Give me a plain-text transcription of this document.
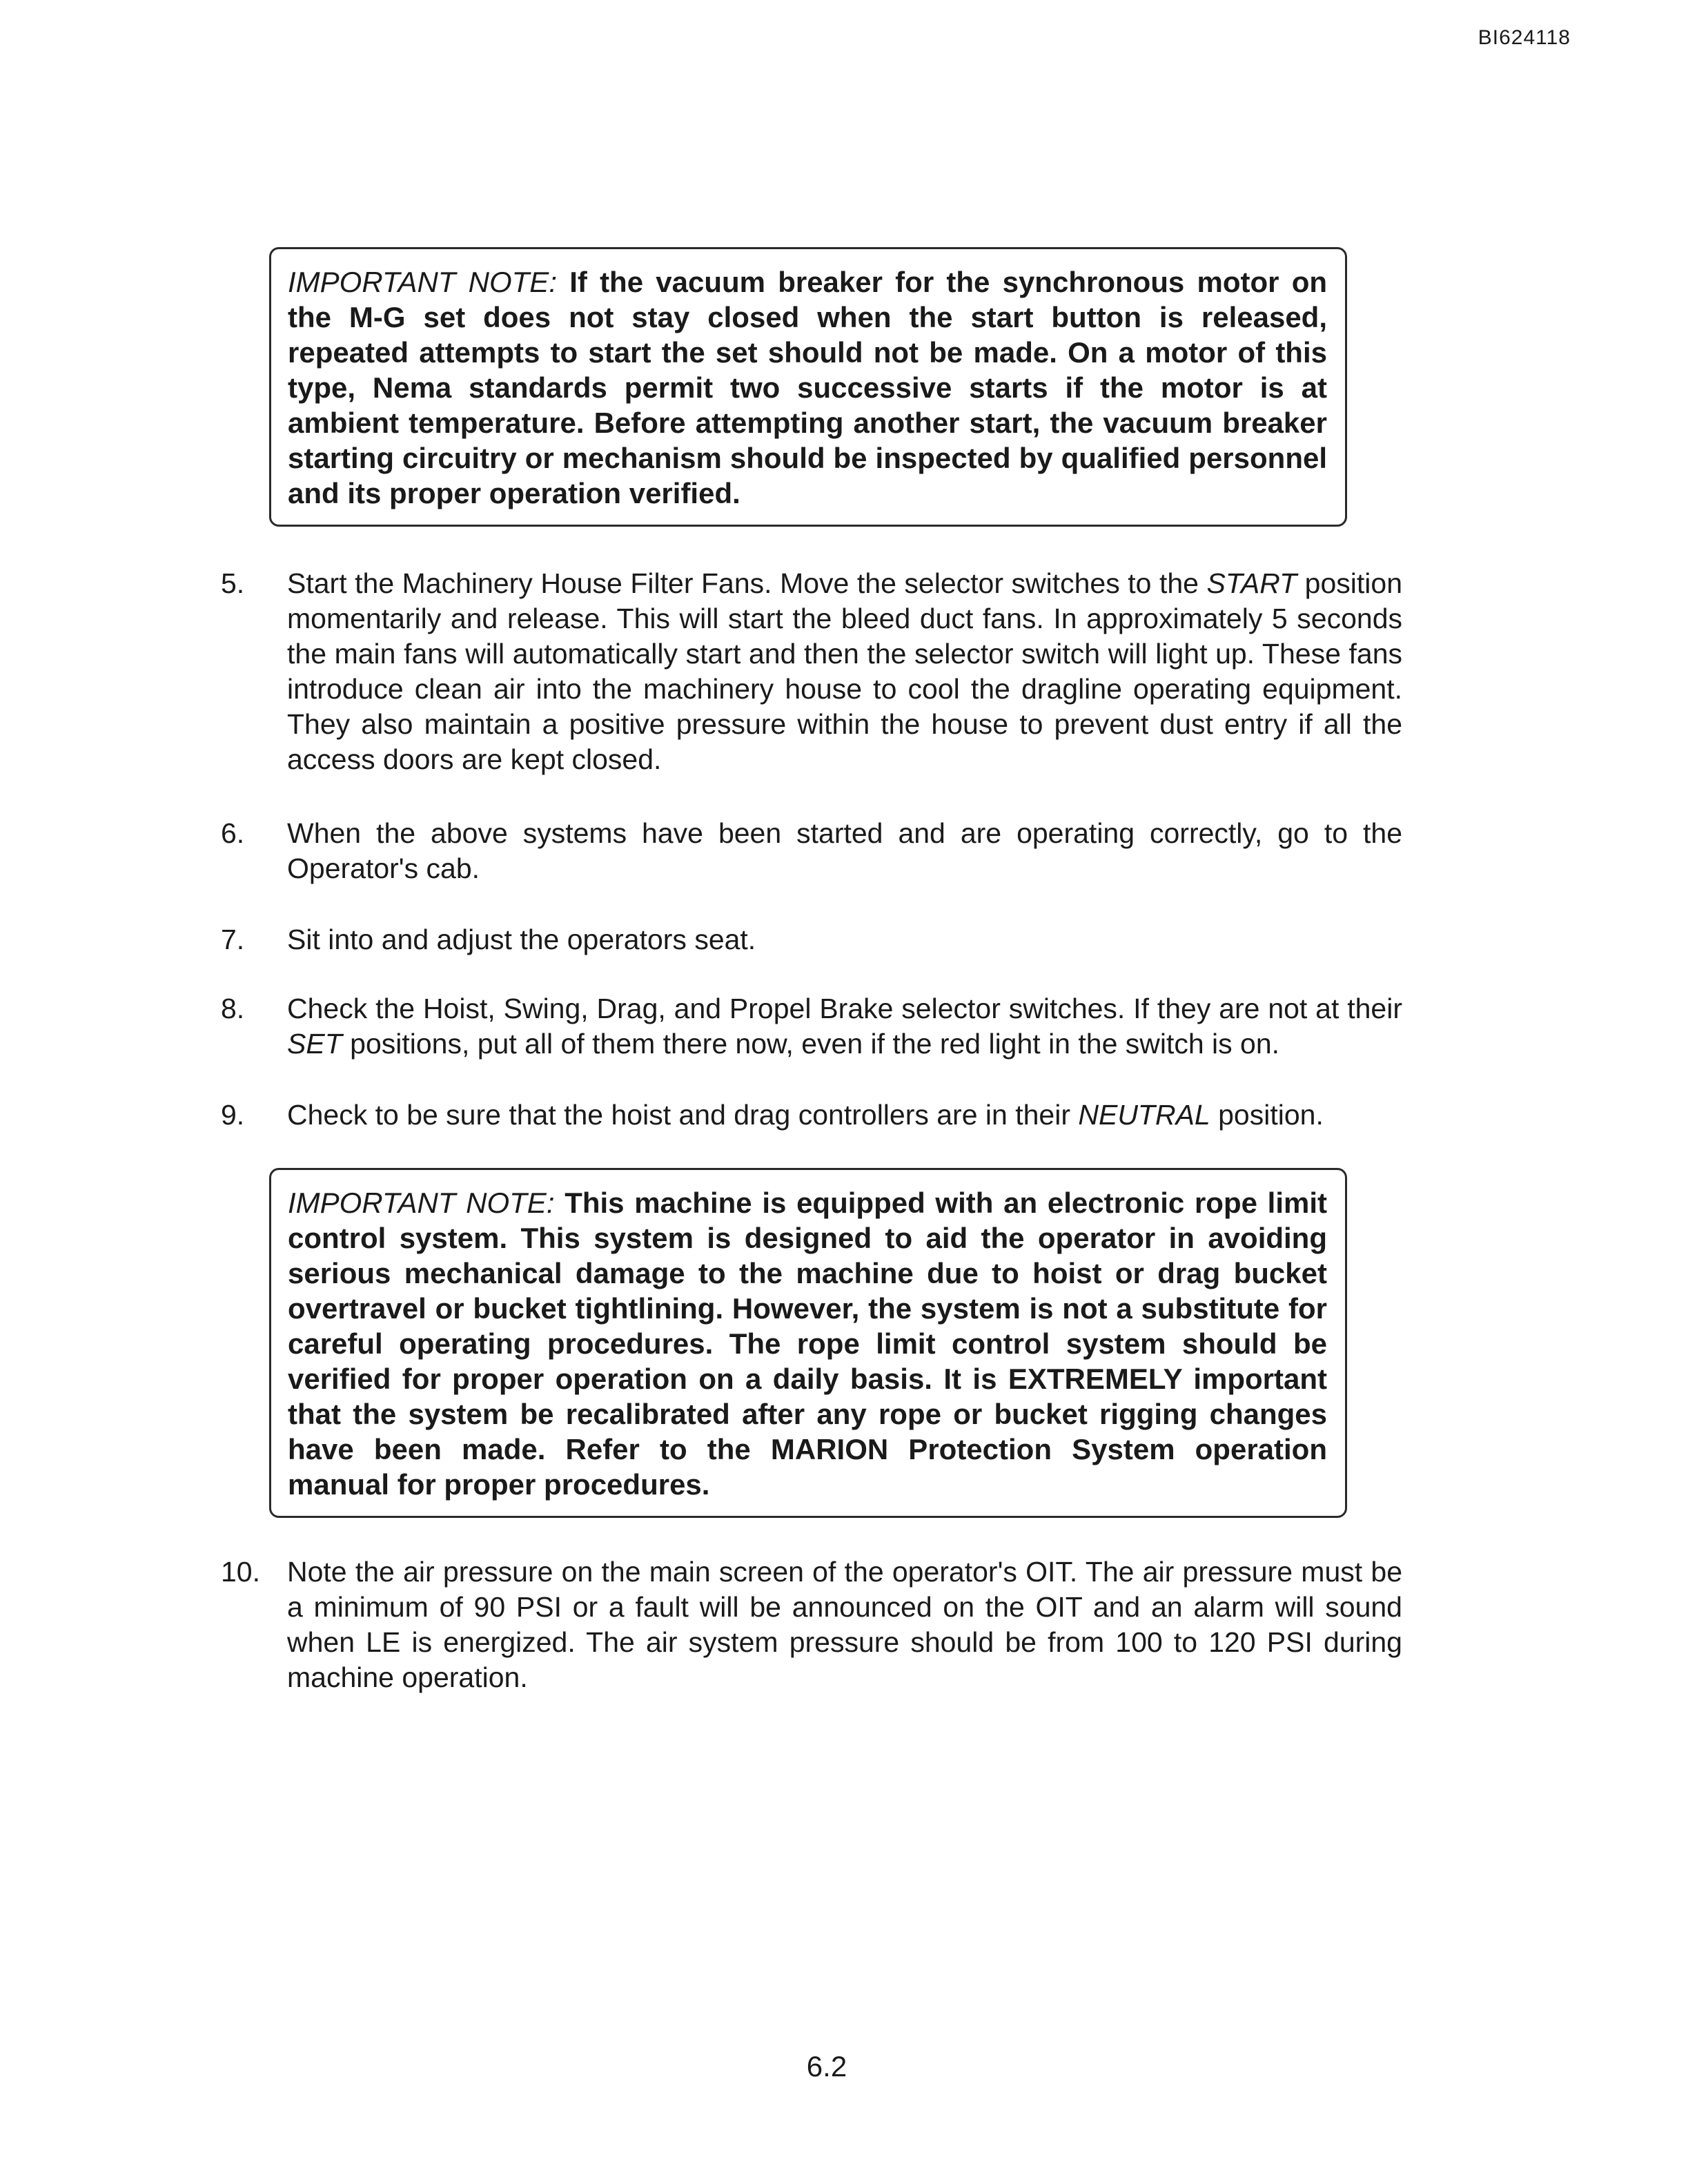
BI624118
IMPORTANT NOTE: If the vacuum breaker for the synchronous motor on the M-G set does not stay closed when the start button is released, repeated attempts to start the set should not be made. On a motor of this type, Nema standards permit two successive starts if the motor is at ambient temperature. Before attempting another start, the vacuum breaker starting circuitry or mechanism should be inspected by qualified personnel and its proper operation verified.
5.	Start the Machinery House Filter Fans. Move the selector switches to the START position momentarily and release. This will start the bleed duct fans. In approximately 5 seconds the main fans will automatically start and then the selector switch will light up. These fans introduce clean air into the machinery house to cool the dragline operating equipment. They also maintain a positive pressure within the house to prevent dust entry if all the access doors are kept closed.
6.	When the above systems have been started and are operating correctly, go to the Operator's cab.
7.	Sit into and adjust the operators seat.
8.	Check the Hoist, Swing, Drag, and Propel Brake selector switches. If they are not at their SET positions, put all of them there now, even if the red light in the switch is on.
9.	Check to be sure that the hoist and drag controllers are in their NEUTRAL position.
IMPORTANT NOTE: This machine is equipped with an electronic rope limit control system. This system is designed to aid the operator in avoiding serious mechanical damage to the machine due to hoist or drag bucket overtravel or bucket tightlining. However, the system is not a substitute for careful operating procedures. The rope limit control system should be verified for proper operation on a daily basis. It is EXTREMELY important that the system be recalibrated after any rope or bucket rigging changes have been made. Refer to the MARION Protection System operation manual for proper procedures.
10. Note the air pressure on the main screen of the operator's OIT. The air pressure must be a minimum of 90 PSI or a fault will be announced on the OIT and an alarm will sound when LE is energized. The air system pressure should be from 100 to 120 PSI during machine operation.
6.2
